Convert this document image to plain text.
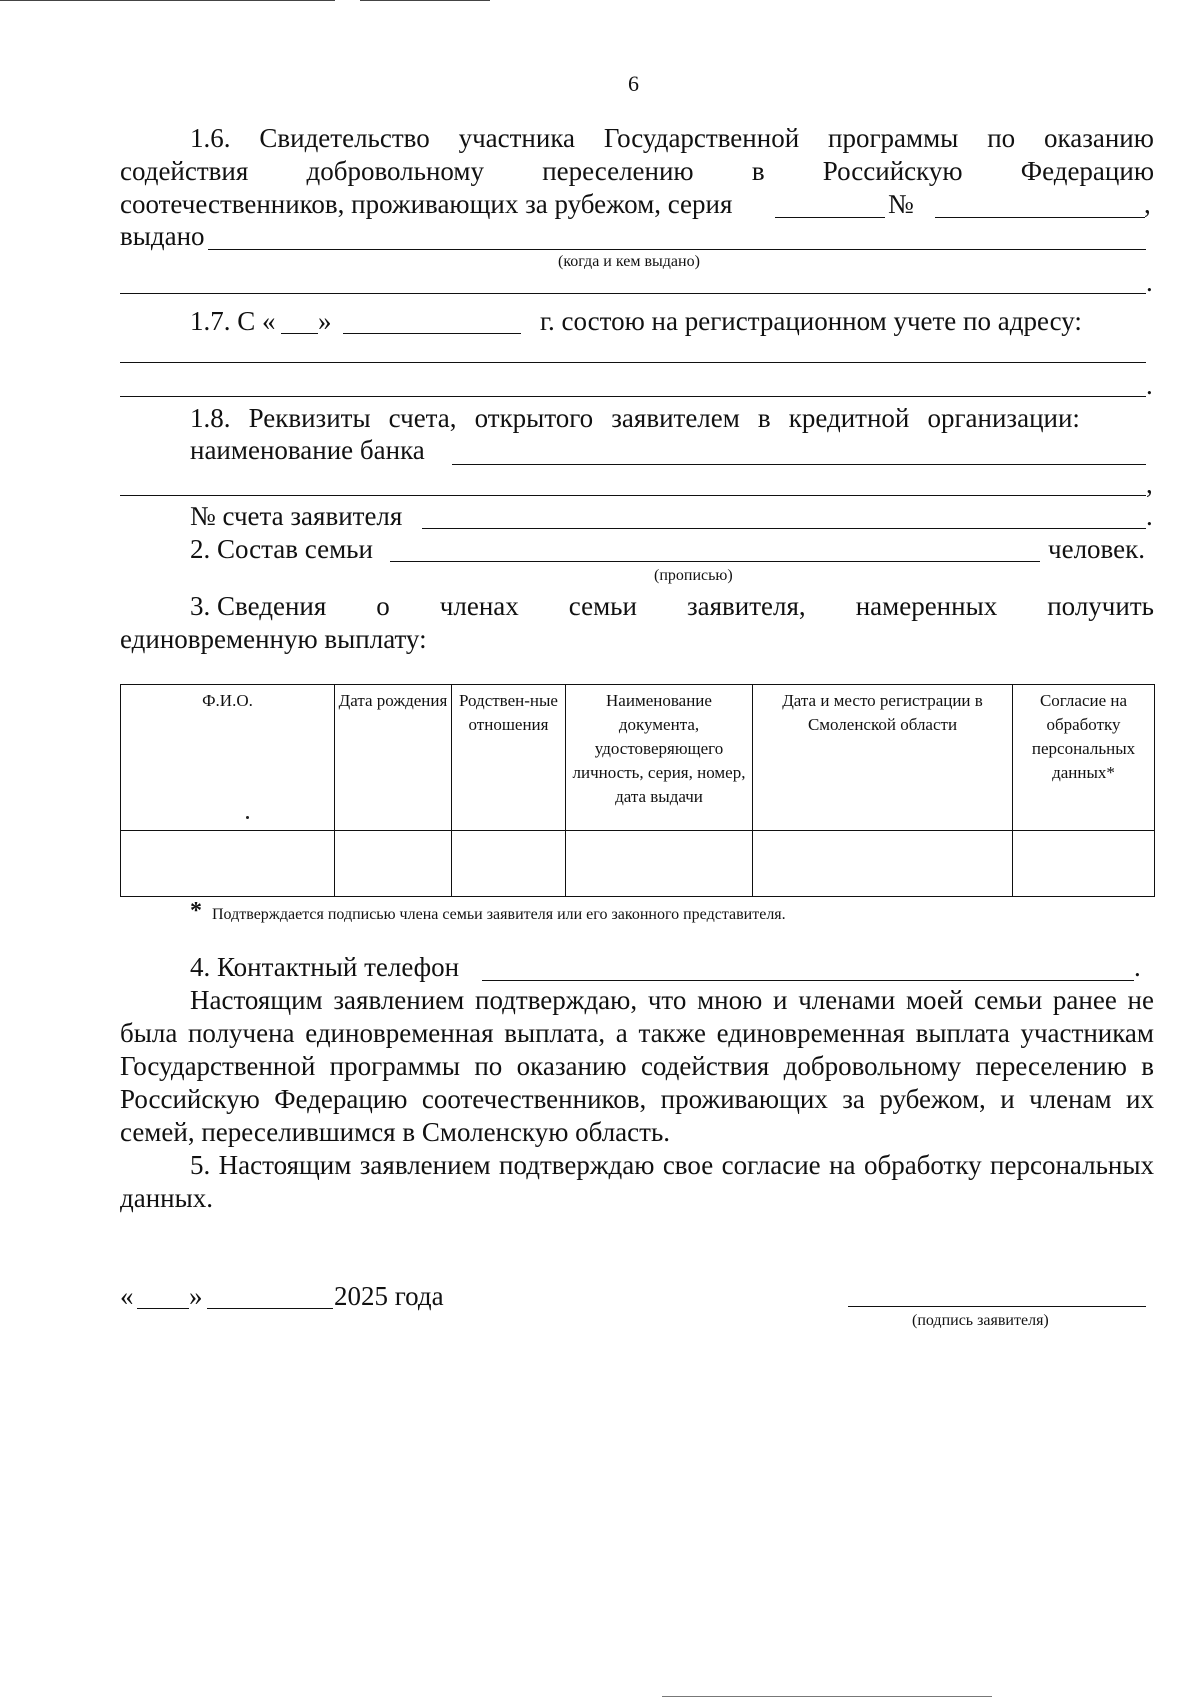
6
1.6. Свидетельство участника Государственной программы по оказанию
содействия добровольному переселению в Российскую Федерацию
соотечественников, проживающих за рубежом, серия	№	,
выдано
(когда и кем выдано)
.
1.7. С « »	г. состою на регистрационном учете по адресу:
.
1.8. Реквизиты счета, открытого заявителем в кредитной организации:
наименование банка
,
№ счета заявителя	.
2. Состав семьи	человек.
(прописью)
3. Сведения о членах семьи заявителя, намеренных получить
единовременную выплату:
Ф.И.О.	Дата рождения	Родствен-ные отношения	Наименование документа, удостоверяющего личность, серия, номер, дата выдачи	Дата и место регистрации в Смоленской области	Согласие на обработку персональных данных*

* Подтверждается подписью члена семьи заявителя или его законного представителя.
4. Контактный телефон	.
Настоящим заявлением подтверждаю, что мною и членами моей семьи ранее не была получена единовременная выплата, а также единовременная выплата участникам Государственной программы по оказанию содействия добровольному переселению в Российскую Федерацию соотечественников, проживающих за рубежом, и членам их семей, переселившимся в Смоленскую область.
5. Настоящим заявлением подтверждаю свое согласие на обработку персональных данных.
« »	2025 года
(подпись заявителя)
